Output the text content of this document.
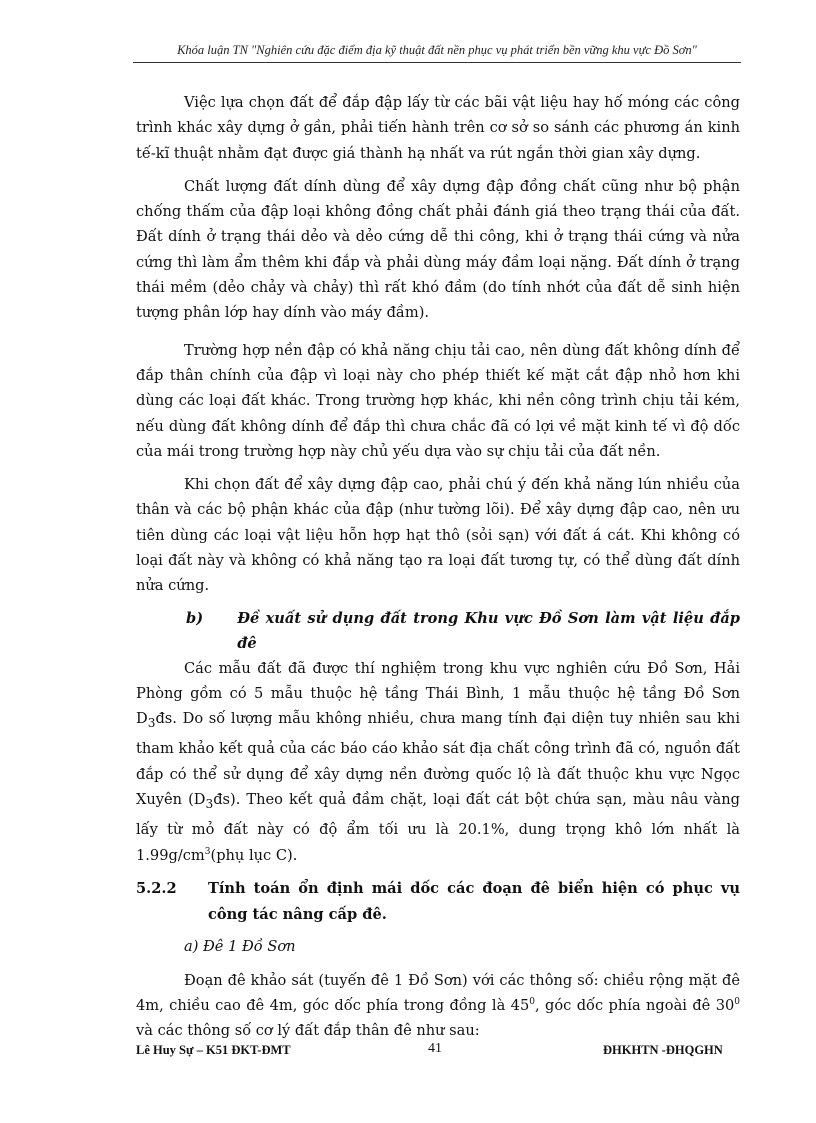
Khóa luận TN "Nghiên cứu đặc điểm địa kỹ thuật đất nền phục vụ phát triển bền vững khu vực Đồ Sơn"

Việc lựa chọn đất để đắp đập lấy từ các bãi vật liệu hay hố móng các công trình khác xây dựng ở gần, phải tiến hành trên cơ sở so sánh các phương án kinh tế-kĩ thuật nhằm đạt được giá thành hạ nhất va rút ngắn thời gian xây dựng.

Chất lượng đất dính dùng để xây dựng đập đồng chất cũng như bộ phận chống thấm của đập loại không đồng chất phải đánh giá theo trạng thái của đất. Đất dính ở trạng thái dẻo và dẻo cứng dễ thi công, khi ở trạng thái cứng và nửa cứng thì làm ẩm thêm khi đắp và phải dùng máy đầm loại nặng. Đất dính ở trạng thái mềm (dẻo chảy và chảy) thì rất khó đầm (do tính nhớt của đất dễ sinh hiện tượng phân lớp hay dính vào máy đầm).

Trường hợp nền đập có khả năng chịu tải cao, nên dùng đất không dính để đắp thân chính của đập vì loại này cho phép thiết kế mặt cắt đập nhỏ hơn khi dùng các loại đất khác. Trong trường hợp khác, khi nền công trình chịu tải kém, nếu dùng đất không dính để đắp thì chưa chắc đã có lợi về mặt kinh tế vì độ dốc của mái trong trường hợp này chủ yếu dựa vào sự chịu tải của đất nền.

Khi chọn đất để xây dựng đập cao, phải chú ý đến khả năng lún nhiều của thân và các bộ phận khác của đập (như tường lõi). Để xây dựng đập cao, nên ưu tiên dùng các loại vật liệu hỗn hợp hạt thô (sỏi sạn) với đất á cát. Khi không có loại đất này và không có khả năng tạo ra loại đất tương tự, có thể dùng đất dính nửa cứng.

b)	Đề xuất sử dụng đất trong Khu vực Đồ Sơn làm vật liệu đắp đê

Các mẫu đất đã được thí nghiệm trong khu vực nghiên cứu Đồ Sơn, Hải Phòng gồm có 5 mẫu thuộc hệ tầng Thái Bình, 1 mẫu thuộc hệ tầng Đồ Sơn $D_3đs$. Do số lượng mẫu không nhiều, chưa mang tính đại diện tuy nhiên sau khi tham khảo kết quả của các báo cáo khảo sát địa chất công trình đã có, nguồn đất đắp có thể sử dụng để xây dựng nền đường quốc lộ là đất thuộc khu vực Ngọc Xuyên $(D_3đs)$. Theo kết quả đầm chặt, loại đất cát bột chứa sạn, màu nâu vàng lấy từ mỏ đất này có độ ẩm tối ưu là 20.1%, dung trọng khô lớn nhất là $1.99g/cm^3(phụ$ lục C).

5.2.2	Tính toán ổn định mái dốc các đoạn đê biển hiện có phục vụ công tác nâng cấp đê.
a) Đê 1 Đồ Sơn

Đoạn đê khảo sát (tuyến đê 1 Đồ Sơn) với các thông số: chiều rộng mặt đê 4m, chiều cao đê 4m, góc dốc phía trong đồng là $45^0$, góc dốc phía ngoài đê $30^0$ và các thông số cơ lý đất đắp thân đê như sau:

Lê Huy Sự – K51 ĐKT-ĐMT	41	ĐHKHTN -ĐHQGHN
